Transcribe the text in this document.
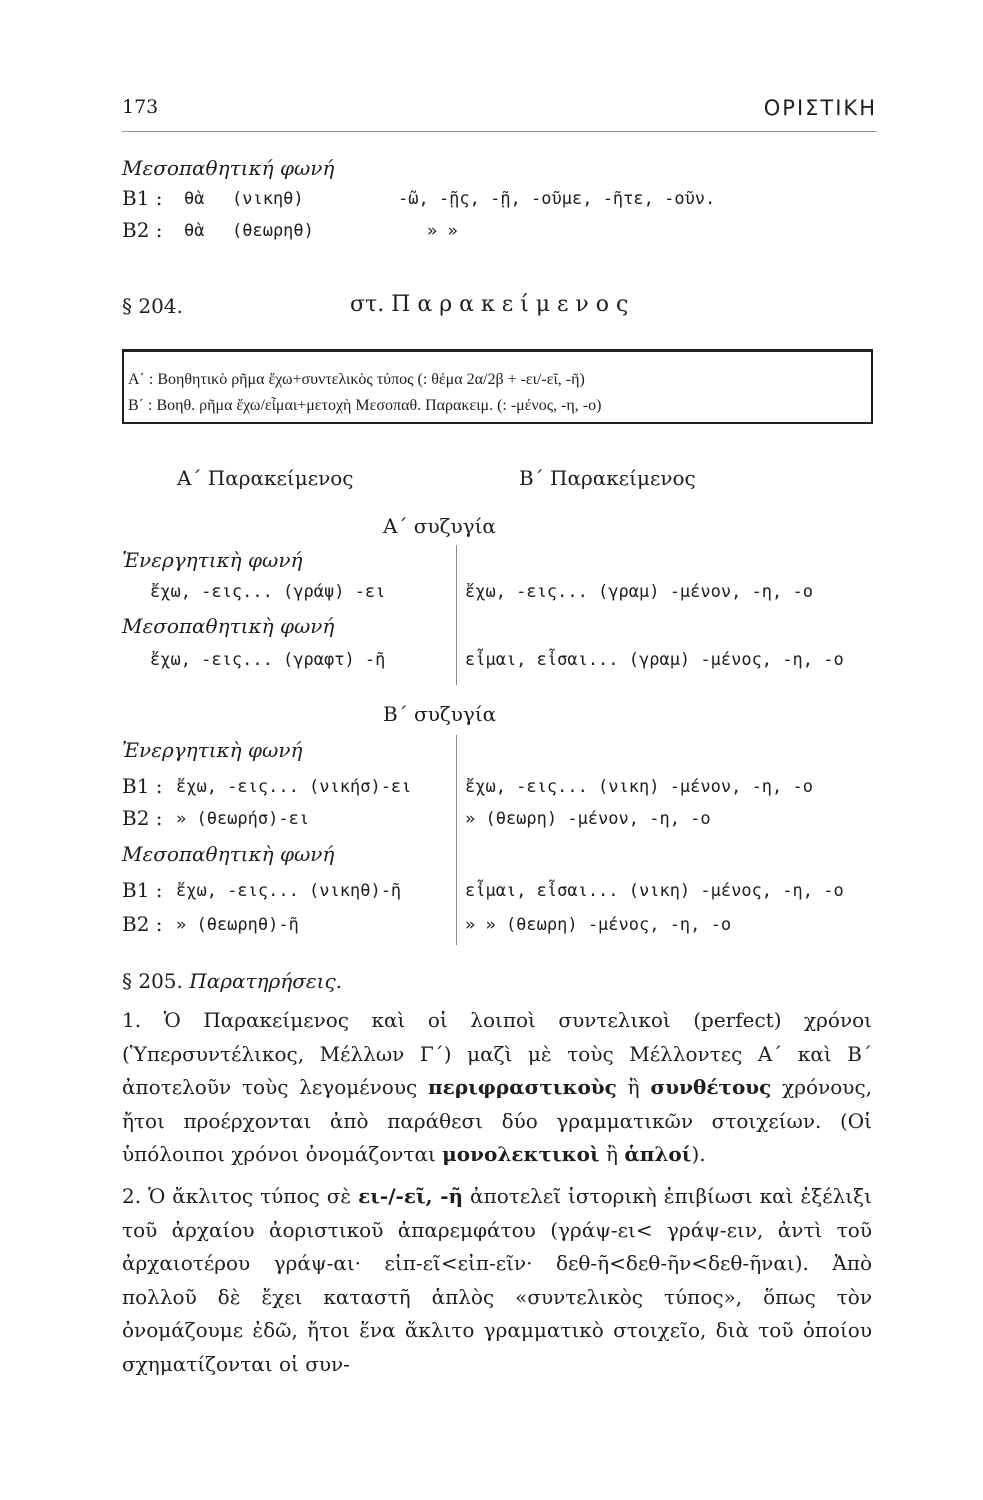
173	ΟΡΙΣΤΙΚΗ
Μεσοπαθητική φωνή
Β1 : θὰ (νικηθ)	-ῶ, -ῇς, -ῇ, -οῦμε, -ῆτε, -οῦν.
Β2 : θὰ (θεωρηθ)	» »
§ 204.	στ. Π α ρ α κ ε ί μ ε ν ο ς
Α΄ : Βοηθητικὸ ρῆμα ἔχω+συντελικὸς τύπος (: θέμα 2α/2β + -ει/-εῖ, -ῆ)
Β΄ : Βοηθ. ρῆμα ἔχω/εἶμαι+μετοχὴ Μεσοπαθ. Παρακειμ. (: -μένος, -η, -ο)
Α΄ Παρακείμενος	Β΄ Παρακείμενος
Α΄ συζυγία
Ἐνεργητικὴ φωνή
ἔχω, -εις... (γράψ) -ει	ἔχω, -εις... (γραμ) -μένον, -η, -ο
Μεσοπαθητικὴ φωνή
ἔχω, -εις... (γραφτ) -ῆ	εἶμαι, εἶσαι... (γραμ) -μένος, -η, -ο
Β΄ συζυγία
Ἐνεργητικὴ φωνή
Β1 : ἔχω, -εις... (νικήσ)-ει	ἔχω, -εις... (νικη) -μένον, -η, -ο
Β2 : » (θεωρήσ)-ει	» (θεωρη) -μένον, -η, -ο
Μεσοπαθητικὴ φωνή
Β1 : ἔχω, -εις... (νικηθ)-ῆ	εἶμαι, εἶσαι... (νικη) -μένος, -η, -ο
Β2 : » (θεωρηθ)-ῆ	» » (θεωρη) -μένος, -η, -ο
§ 205. Παρατηρήσεις.

1. Ὁ Παρακείμενος καὶ οἱ λοιποὶ συντελικοὶ (perfect) χρόνοι (Ὑπερσυντέλικος, Μέλλων Γ΄) μαζὶ μὲ τοὺς Μέλλοντες Α΄ καὶ Β΄ ἀποτελοῦν τοὺς λεγομένους περιφραστικοὺς ἢ συνθέτους χρόνους, ἤτοι προέρχονται ἀπὸ παράθεσι δύο γραμματικῶν στοιχείων. (Οἱ ὑπόλοιποι χρόνοι ὀνομάζονται μονολεκτικοὶ ἢ ἁπλοί).

2. Ὁ ἄκλιτος τύπος σὲ ει-/-εῖ, -ῆ ἀποτελεῖ ἱστορικὴ ἐπιβίωσι καὶ ἐξέλιξι τοῦ ἀρχαίου ἀοριστικοῦ ἀπαρεμφάτου (γράψ-ει< γράψ-ειν, ἀντὶ τοῦ ἀρχαιοτέρου γράψ-αι· εἰπ-εῖ<εἰπ-εῖν· δεθ-ῆ<δεθ-ῆν<δεθ-ῆναι). Ἀπὸ πολλοῦ δὲ ἔχει καταστῆ ἁπλὸς «συντελικὸς τύπος», ὅπως τὸν ὀνομάζουμε ἐδῶ, ἤτοι ἕνα ἄκλιτο γραμματικὸ στοιχεῖο, διὰ τοῦ ὁποίου σχηματίζονται οἱ συν-
